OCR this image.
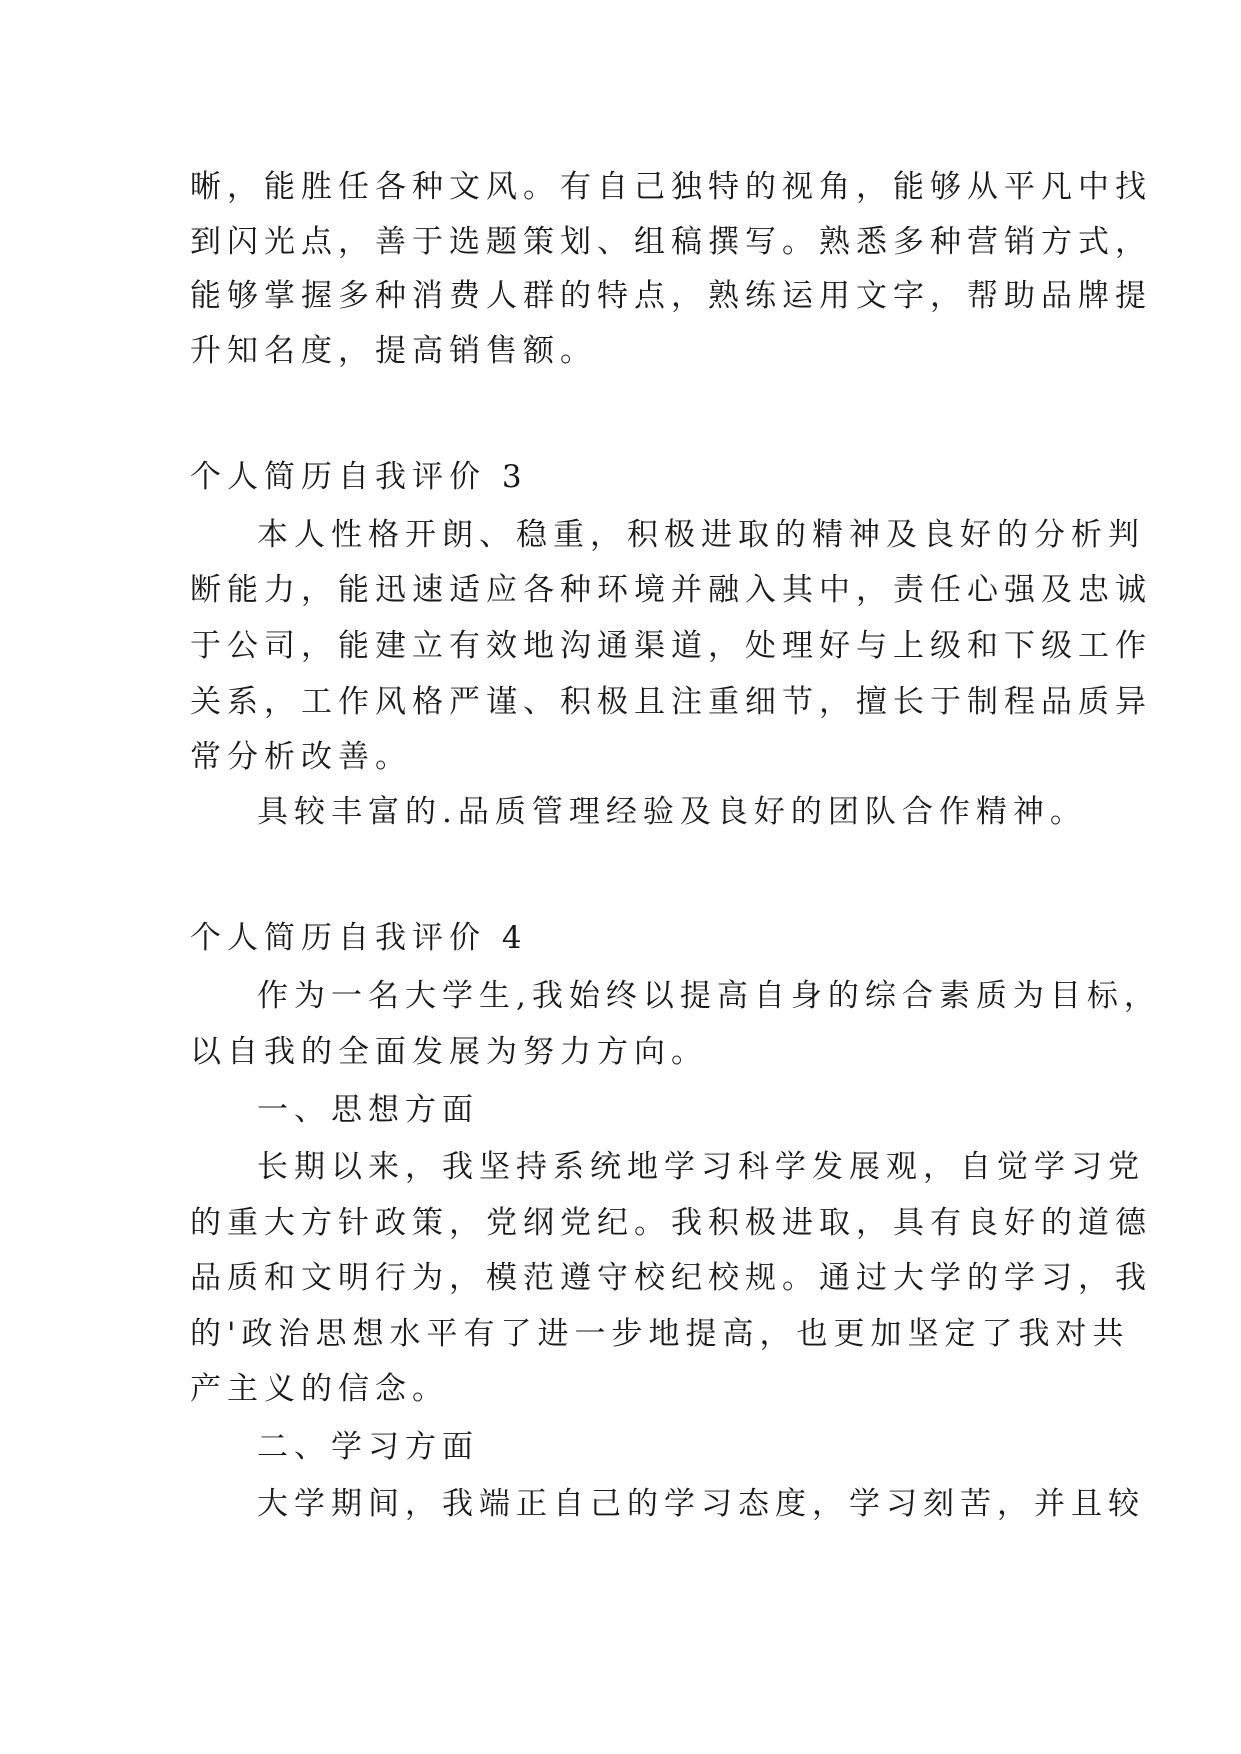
晰，能胜任各种文风。有自己独特的视角，能够从平凡中找
到闪光点，善于选题策划、组稿撰写。熟悉多种营销方式，
能够掌握多种消费人群的特点，熟练运用文字，帮助品牌提
升知名度，提高销售额。
个人简历自我评价 3
本人性格开朗、稳重，积极进取的精神及良好的分析判
断能力，能迅速适应各种环境并融入其中，责任心强及忠诚
于公司，能建立有效地沟通渠道，处理好与上级和下级工作
关系，工作风格严谨、积极且注重细节，擅长于制程品质异
常分析改善。
具较丰富的.品质管理经验及良好的团队合作精神。
个人简历自我评价 4
作为一名大学生,我始终以提高自身的综合素质为目标，
以自我的全面发展为努力方向。
一、思想方面
长期以来，我坚持系统地学习科学发展观，自觉学习党
的重大方针政策，党纲党纪。我积极进取，具有良好的道德
品质和文明行为，模范遵守校纪校规。通过大学的学习，我
的'政治思想水平有了进一步地提高，也更加坚定了我对共
产主义的信念。
二、学习方面
大学期间，我端正自己的学习态度，学习刻苦，并且较
